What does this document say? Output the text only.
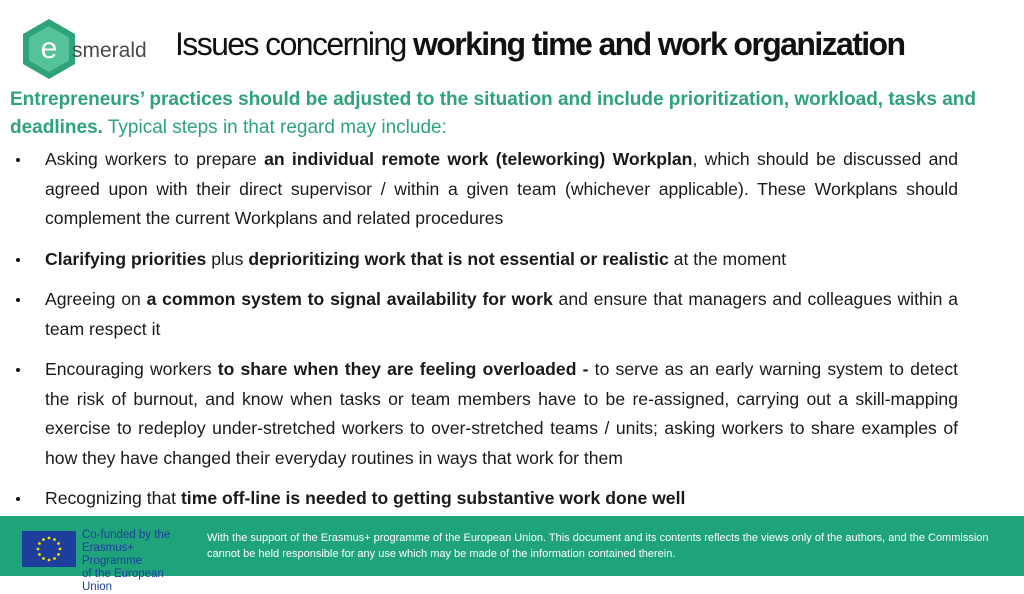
e smerald Issues concerning working time and work organization
Entrepreneurs’ practices should be adjusted to the situation and include prioritization, workload, tasks and deadlines. Typical steps in that regard may include:
Asking workers to prepare an individual remote work (teleworking) Workplan, which should be discussed and agreed upon with their direct supervisor / within a given team (whichever applicable). These Workplans should complement the current Workplans and related procedures
Clarifying priorities plus deprioritizing work that is not essential or realistic at the moment
Agreeing on a common system to signal availability for work and ensure that managers and colleagues within a team respect it
Encouraging workers to share when they are feeling overloaded - to serve as an early warning system to detect the risk of burnout, and know when tasks or team members have to be re-assigned, carrying out a skill-mapping exercise to redeploy under-stretched workers to over-stretched teams / units; asking workers to share examples of how they have changed their everyday routines in ways that work for them
Recognizing that time off-line is needed to getting substantive work done well
Co-funded by the
Erasmus+ Programme
of the European Union
With the support of the Erasmus+ programme of the European Union. This document and its contents reflects the views only of the authors, and the Commission cannot be held responsible for any use which may be made of the information contained therein.
